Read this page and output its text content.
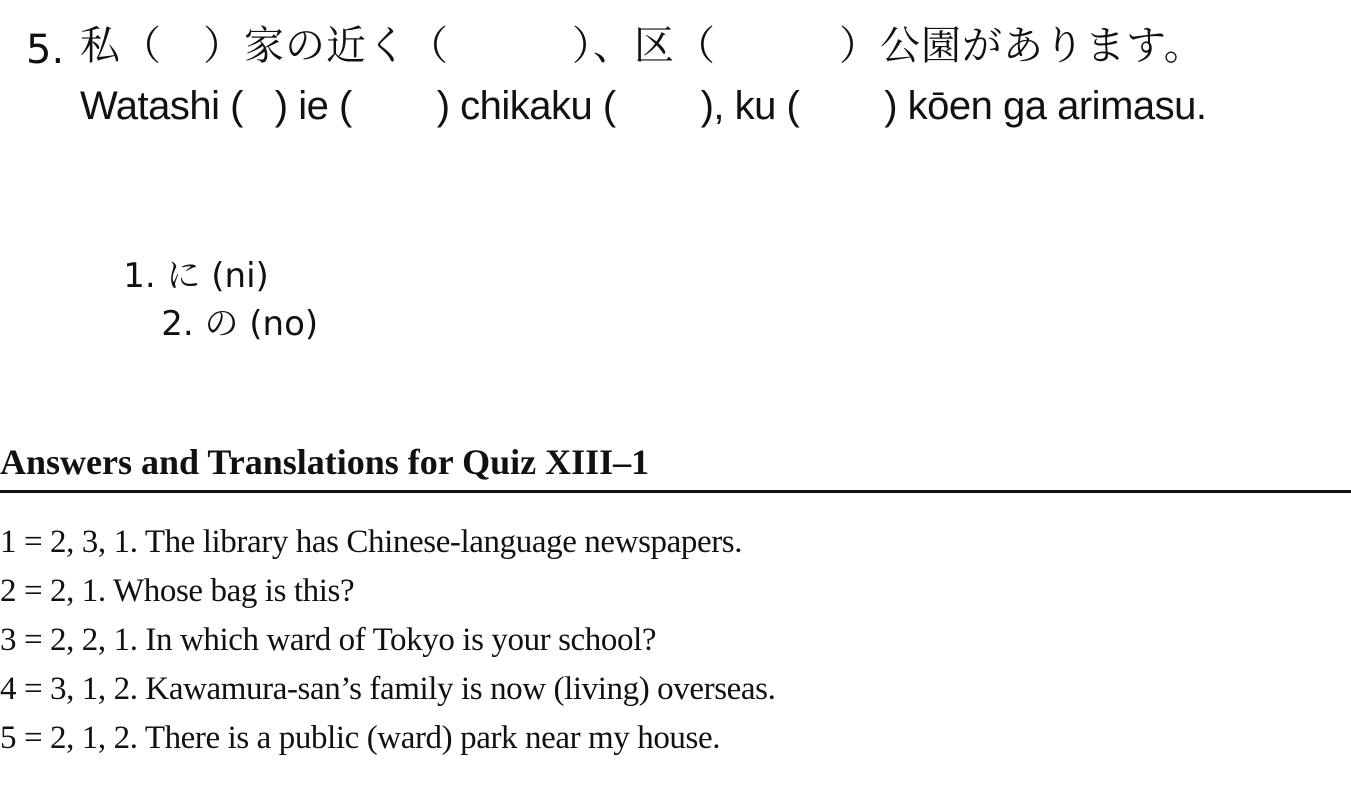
5. 私（　）家の近く（　　　）、区（　　　）公園があります。
Watashi (   ) ie (        ) chikaku (        ), ku (        ) kōen ga arimasu.

1. に (ni)
2. の (no)

Answers and Translations for Quiz XIII–1
1 = 2, 3, 1. The library has Chinese-language newspapers.
2 = 2, 1. Whose bag is this?
3 = 2, 2, 1. In which ward of Tokyo is your school?
4 = 3, 1, 2. Kawamura-san’s family is now (living) overseas.
5 = 2, 1, 2. There is a public (ward) park near my house.
